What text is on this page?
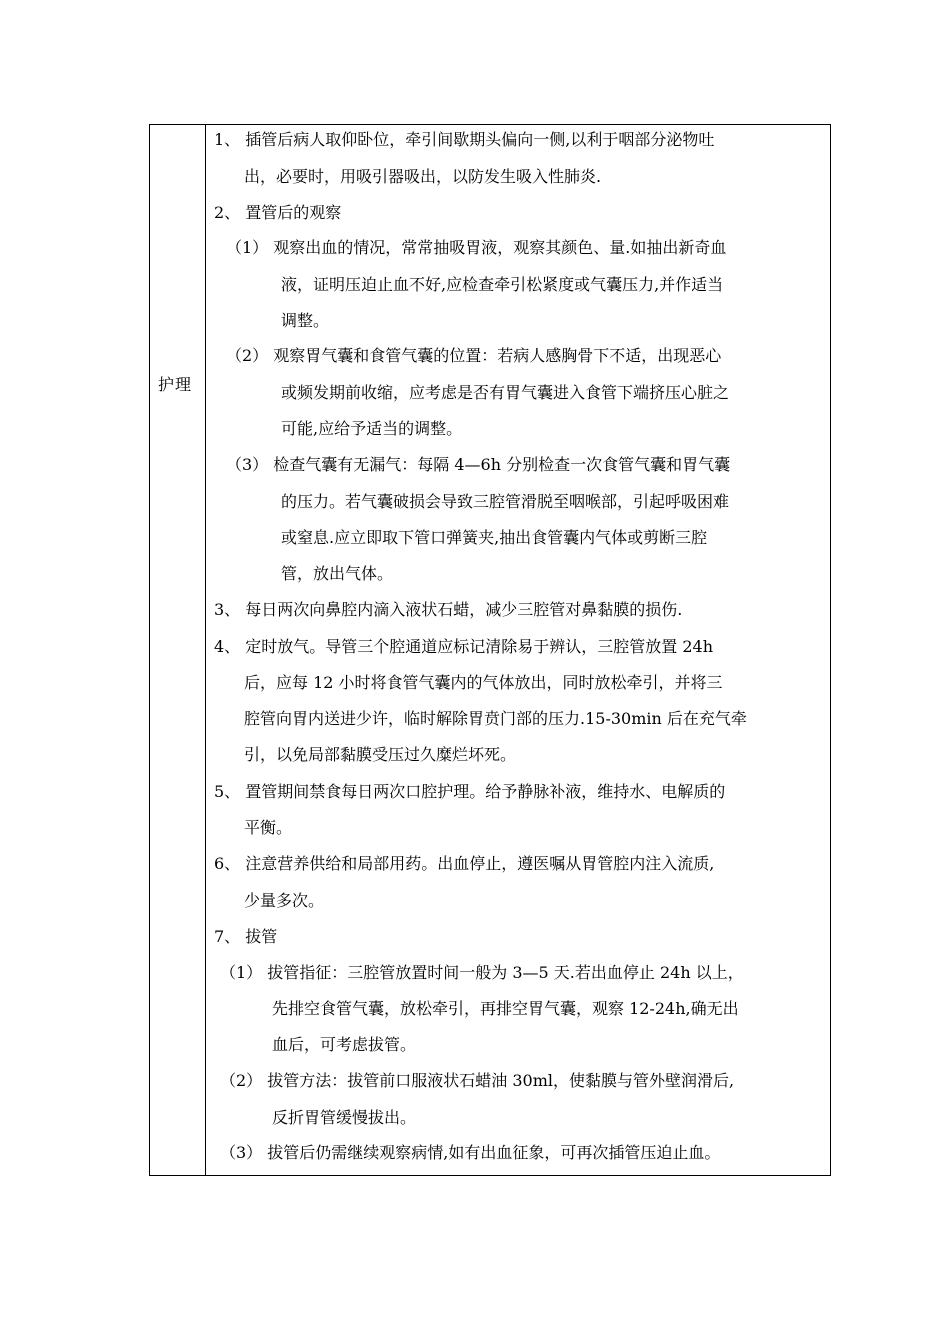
护理
1、 插管后病人取仰卧位，牵引间歇期头偏向一侧,以利于咽部分泌物吐
出，必要时，用吸引器吸出，以防发生吸入性肺炎.
2、 置管后的观察
（1） 观察出血的情况，常常抽吸胃液，观察其颜色、量.如抽出新奇血
液，证明压迫止血不好,应检查牵引松紧度或气囊压力,并作适当
调整。
（2） 观察胃气囊和食管气囊的位置：若病人感胸骨下不适，出现恶心
或频发期前收缩，应考虑是否有胃气囊进入食管下端挤压心脏之
可能,应给予适当的调整。
（3） 检查气囊有无漏气：每隔 4—6h 分别检查一次食管气囊和胃气囊
的压力。若气囊破损会导致三腔管滑脱至咽喉部，引起呼吸困难
或窒息.应立即取下管口弹簧夹,抽出食管囊内气体或剪断三腔
管，放出气体。
3、 每日两次向鼻腔内滴入液状石蜡，减少三腔管对鼻黏膜的损伤.
4、 定时放气。导管三个腔通道应标记清除易于辨认，三腔管放置 24h
后，应每 12 小时将食管气囊内的气体放出，同时放松牵引，并将三
腔管向胃内送进少许，临时解除胃贲门部的压力.15-30min 后在充气牵
引，以免局部黏膜受压过久糜烂坏死。
5、 置管期间禁食每日两次口腔护理。给予静脉补液，维持水、电解质的
平衡。
6、 注意营养供给和局部用药。出血停止，遵医嘱从胃管腔内注入流质,
少量多次。
7、 拔管
（1） 拔管指征：三腔管放置时间一般为 3—5 天.若出血停止 24h 以上，
先排空食管气囊，放松牵引，再排空胃气囊，观察 12-24h,确无出
血后，可考虑拔管。
（2） 拔管方法：拔管前口服液状石蜡油 30ml，使黏膜与管外壁润滑后,
反折胃管缓慢拔出。
（3） 拔管后仍需继续观察病情,如有出血征象，可再次插管压迫止血。
